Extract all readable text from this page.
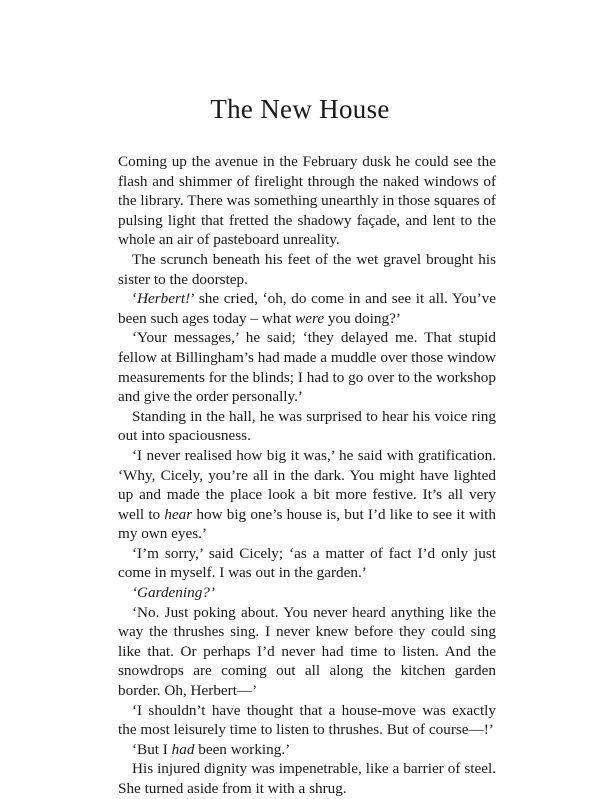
The New House

Coming up the avenue in the February dusk he could see the flash and shimmer of firelight through the naked windows of the library. There was something unearthly in those squares of pulsing light that fretted the shadowy façade, and lent to the whole an air of pasteboard unreality.

The scrunch beneath his feet of the wet gravel brought his sister to the doorstep.

‘Herbert!’ she cried, ‘oh, do come in and see it all. You’ve been such ages today – what were you doing?’

‘Your messages,’ he said; ‘they delayed me. That stupid fellow at Billingham’s had made a muddle over those window measurements for the blinds; I had to go over to the workshop and give the order personally.’

Standing in the hall, he was surprised to hear his voice ring out into spaciousness.

‘I never realised how big it was,’ he said with gratification. ‘Why, Cicely, you’re all in the dark. You might have lighted up and made the place look a bit more festive. It’s all very well to hear how big one’s house is, but I’d like to see it with my own eyes.’

‘I’m sorry,’ said Cicely; ‘as a matter of fact I’d only just come in myself. I was out in the garden.’

‘Gardening?’

‘No. Just poking about. You never heard anything like the way the thrushes sing. I never knew before they could sing like that. Or perhaps I’d never had time to listen. And the snowdrops are coming out all along the kitchen garden border. Oh, Herbert—’

‘I shouldn’t have thought that a house-move was exactly the most leisurely time to listen to thrushes. But of course—!’

‘But I had been working.’

His injured dignity was impenetrable, like a barrier of steel. She turned aside from it with a shrug.
